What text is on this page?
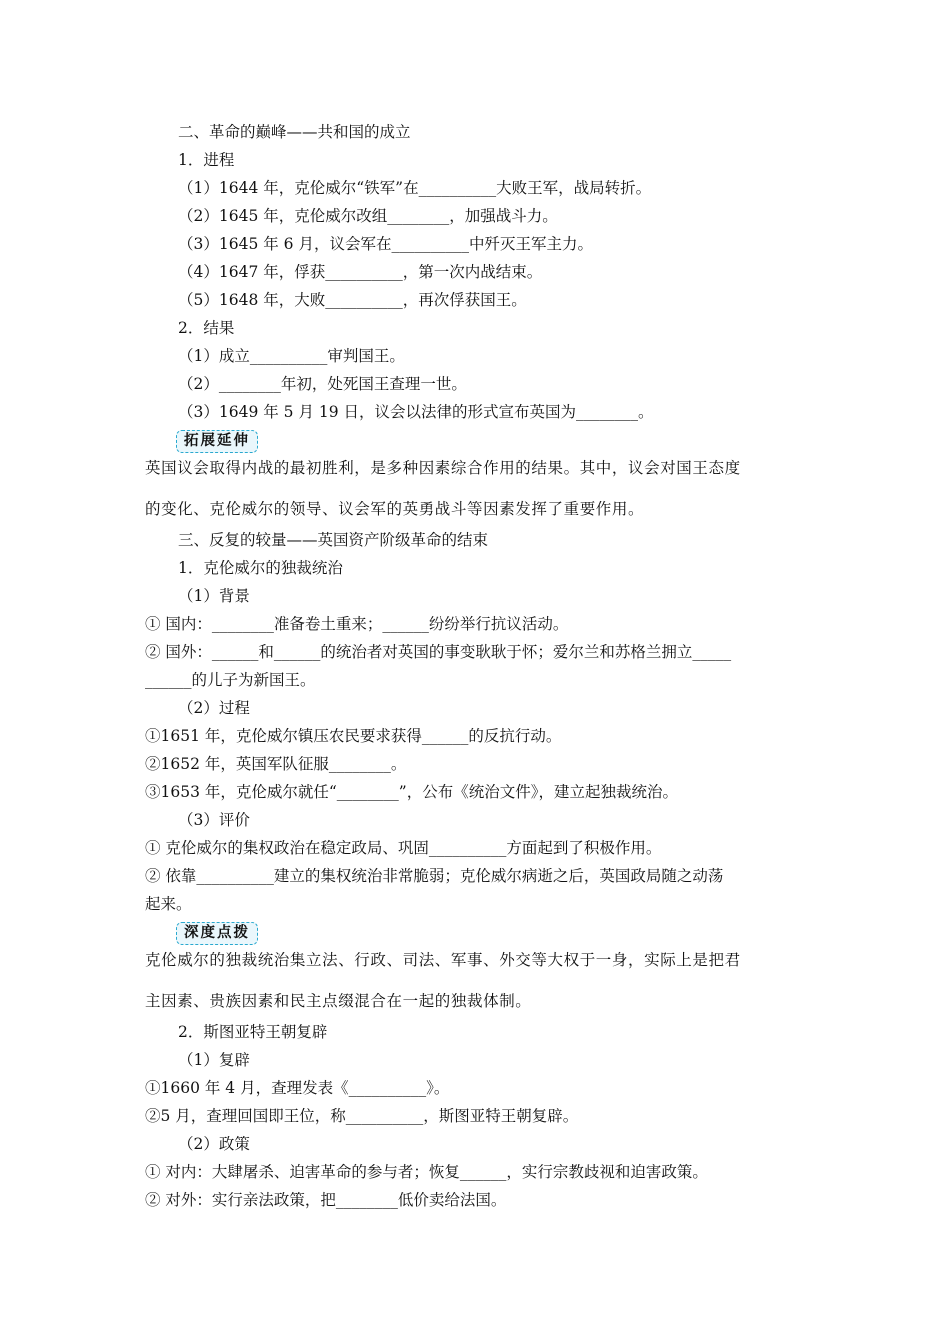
二、革命的巅峰——共和国的成立
1．进程
（1）1644 年，克伦威尔“铁军”在__________大败王军，战局转折。
（2）1645 年，克伦威尔改组________，加强战斗力。
（3）1645 年 6 月，议会军在__________中歼灭王军主力。
（4）1647 年，俘获__________，第一次内战结束。
（5）1648 年，大败__________，再次俘获国王。
2．结果
（1）成立__________审判国王。
（2）________年初，处死国王查理一世。
（3）1649 年 5 月 19 日，议会以法律的形式宣布英国为________。
拓展延伸
英国议会取得内战的最初胜利，是多种因素综合作用的结果。其中，议会对国王态度
的变化、克伦威尔的领导、议会军的英勇战斗等因素发挥了重要作用。
三、反复的较量——英国资产阶级革命的结束
1．克伦威尔的独裁统治
（1）背景
① 国内：________准备卷土重来；______纷纷举行抗议活动。
② 国外：______和______的统治者对英国的事变耿耿于怀；爱尔兰和苏格兰拥立_____
______的儿子为新国王。
（2）过程
①1651 年，克伦威尔镇压农民要求获得______的反抗行动。
②1652 年，英国军队征服________。
③1653 年，克伦威尔就任“________”，公布《统治文件》，建立起独裁统治。
（3）评价
① 克伦威尔的集权政治在稳定政局、巩固__________方面起到了积极作用。
② 依靠__________建立的集权统治非常脆弱；克伦威尔病逝之后，英国政局随之动荡
起来。
深度点拨
克伦威尔的独裁统治集立法、行政、司法、军事、外交等大权于一身，实际上是把君
主因素、贵族因素和民主点缀混合在一起的独裁体制。
2．斯图亚特王朝复辟
（1）复辟
①1660 年 4 月，查理发表《__________》。
②5 月，查理回国即王位，称__________，斯图亚特王朝复辟。
（2）政策
① 对内：大肆屠杀、迫害革命的参与者；恢复______，实行宗教歧视和迫害政策。
② 对外：实行亲法政策，把________低价卖给法国。
